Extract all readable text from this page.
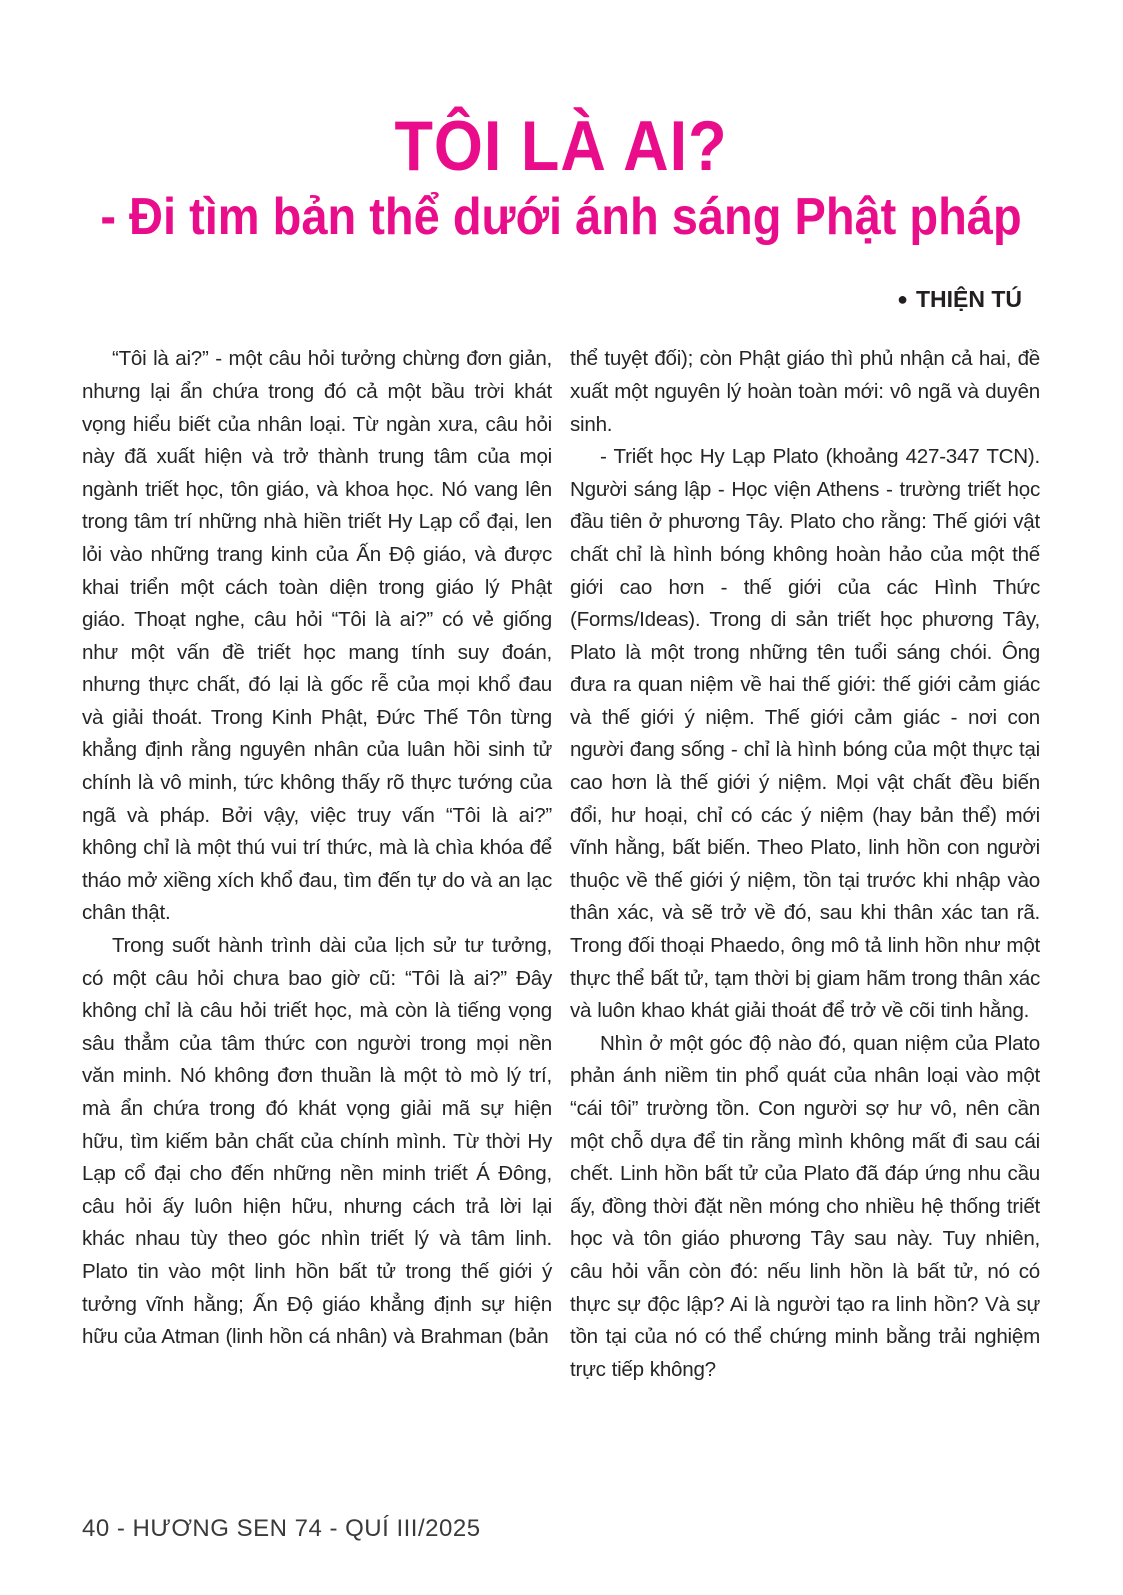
TÔI LÀ AI?
- Đi tìm bản thể dưới ánh sáng Phật pháp
● THIỆN TÚ

“Tôi là ai?” - một câu hỏi tưởng chừng đơn giản, nhưng lại ẩn chứa trong đó cả một bầu trời khát vọng hiểu biết của nhân loại. Từ ngàn xưa, câu hỏi này đã xuất hiện và trở thành trung tâm của mọi ngành triết học, tôn giáo, và khoa học. Nó vang lên trong tâm trí những nhà hiền triết Hy Lạp cổ đại, len lỏi vào những trang kinh của Ấn Độ giáo, và được khai triển một cách toàn diện trong giáo lý Phật giáo. Thoạt nghe, câu hỏi “Tôi là ai?” có vẻ giống như một vấn đề triết học mang tính suy đoán, nhưng thực chất, đó lại là gốc rễ của mọi khổ đau và giải thoát. Trong Kinh Phật, Đức Thế Tôn từng khẳng định rằng nguyên nhân của luân hồi sinh tử chính là vô minh, tức không thấy rõ thực tướng của ngã và pháp. Bởi vậy, việc truy vấn “Tôi là ai?” không chỉ là một thú vui trí thức, mà là chìa khóa để tháo mở xiềng xích khổ đau, tìm đến tự do và an lạc chân thật.

Trong suốt hành trình dài của lịch sử tư tưởng, có một câu hỏi chưa bao giờ cũ: “Tôi là ai?” Đây không chỉ là câu hỏi triết học, mà còn là tiếng vọng sâu thẳm của tâm thức con người trong mọi nền văn minh. Nó không đơn thuần là một tò mò lý trí, mà ẩn chứa trong đó khát vọng giải mã sự hiện hữu, tìm kiếm bản chất của chính mình. Từ thời Hy Lạp cổ đại cho đến những nền minh triết Á Đông, câu hỏi ấy luôn hiện hữu, nhưng cách trả lời lại khác nhau tùy theo góc nhìn triết lý và tâm linh. Plato tin vào một linh hồn bất tử trong thế giới ý tưởng vĩnh hằng; Ấn Độ giáo khẳng định sự hiện hữu của Atman (linh hồn cá nhân) và Brahman (bản

thể tuyệt đối); còn Phật giáo thì phủ nhận cả hai, đề xuất một nguyên lý hoàn toàn mới: vô ngã và duyên sinh.

- Triết học Hy Lạp Plato (khoảng 427-347 TCN). Người sáng lập - Học viện Athens - trường triết học đầu tiên ở phương Tây. Plato cho rằng: Thế giới vật chất chỉ là hình bóng không hoàn hảo của một thế giới cao hơn - thế giới của các Hình Thức (Forms/Ideas). Trong di sản triết học phương Tây, Plato là một trong những tên tuổi sáng chói. Ông đưa ra quan niệm về hai thế giới: thế giới cảm giác và thế giới ý niệm. Thế giới cảm giác - nơi con người đang sống - chỉ là hình bóng của một thực tại cao hơn là thế giới ý niệm. Mọi vật chất đều biến đổi, hư hoại, chỉ có các ý niệm (hay bản thể) mới vĩnh hằng, bất biến. Theo Plato, linh hồn con người thuộc về thế giới ý niệm, tồn tại trước khi nhập vào thân xác, và sẽ trở về đó, sau khi thân xác tan rã. Trong đối thoại Phaedo, ông mô tả linh hồn như một thực thể bất tử, tạm thời bị giam hãm trong thân xác và luôn khao khát giải thoát để trở về cõi tinh hằng.

Nhìn ở một góc độ nào đó, quan niệm của Plato phản ánh niềm tin phổ quát của nhân loại vào một “cái tôi” trường tồn. Con người sợ hư vô, nên cần một chỗ dựa để tin rằng mình không mất đi sau cái chết. Linh hồn bất tử của Plato đã đáp ứng nhu cầu ấy, đồng thời đặt nền móng cho nhiều hệ thống triết học và tôn giáo phương Tây sau này. Tuy nhiên, câu hỏi vẫn còn đó: nếu linh hồn là bất tử, nó có thực sự độc lập? Ai là người tạo ra linh hồn? Và sự tồn tại của nó có thể chứng minh bằng trải nghiệm trực tiếp không?

40 - HƯƠNG SEN 74 - QUÍ III/2025
